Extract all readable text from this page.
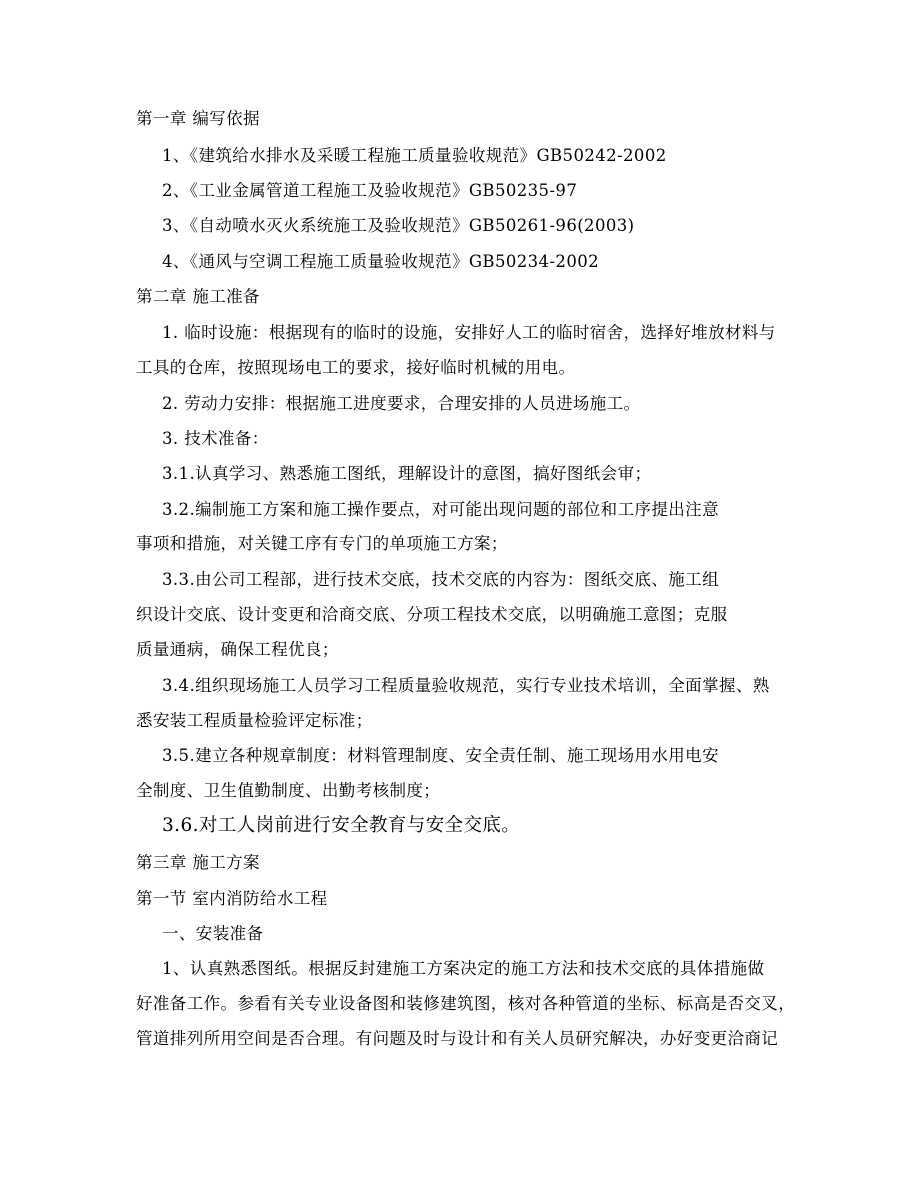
第一章 编写依据
1、《建筑给水排水及采暖工程施工质量验收规范》GB50242-2002
2、《工业金属管道工程施工及验收规范》GB50235-97
3、《自动喷水灭火系统施工及验收规范》GB50261-96(2003)
4、《通风与空调工程施工质量验收规范》GB50234-2002
第二章 施工准备
1. 临时设施：根据现有的临时的设施，安排好人工的临时宿舍，选择好堆放材料与
工具的仓库，按照现场电工的要求，接好临时机械的用电。
2. 劳动力安排：根据施工进度要求，合理安排的人员进场施工。
3. 技术准备：
3.1.认真学习、熟悉施工图纸，理解设计的意图，搞好图纸会审；
3.2.编制施工方案和施工操作要点，对可能出现问题的部位和工序提出注意
事项和措施，对关键工序有专门的单项施工方案；
3.3.由公司工程部，进行技术交底，技术交底的内容为：图纸交底、施工组
织设计交底、设计变更和洽商交底、分项工程技术交底，以明确施工意图；克服
质量通病，确保工程优良；
3.4.组织现场施工人员学习工程质量验收规范，实行专业技术培训，全面掌握、熟
悉安装工程质量检验评定标准；
3.5.建立各种规章制度：材料管理制度、安全责任制、施工现场用水用电安
全制度、卫生值勤制度、出勤考核制度；
3.6.对工人岗前进行安全教育与安全交底。
第三章 施工方案
第一节 室内消防给水工程
一、安装准备
1、认真熟悉图纸。根据反封建施工方案决定的施工方法和技术交底的具体措施做
好准备工作。参看有关专业设备图和装修建筑图，核对各种管道的坐标、标高是否交叉，
管道排列所用空间是否合理。有问题及时与设计和有关人员研究解决，办好变更洽商记
